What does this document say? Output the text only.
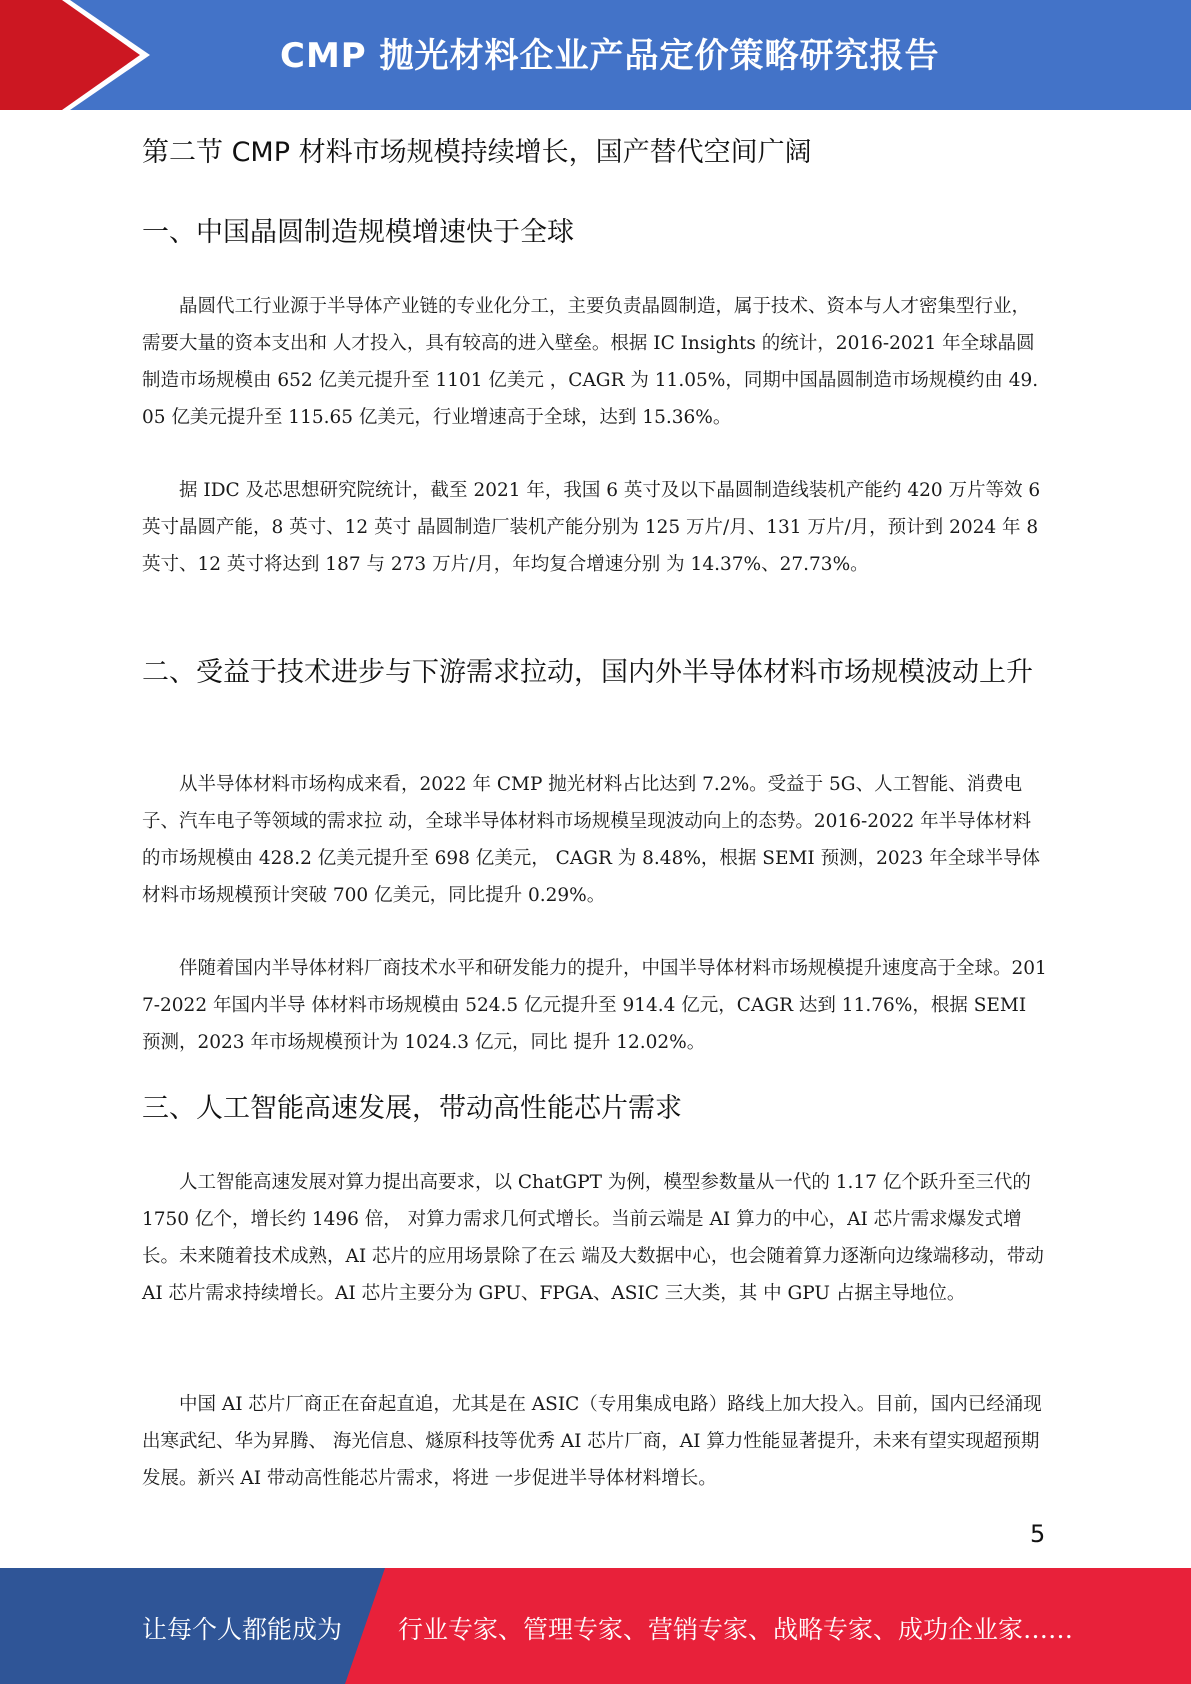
CMP 抛光材料企业产品定价策略研究报告
第二节 CMP 材料市场规模持续增长，国产替代空间广阔
一、中国晶圆制造规模增速快于全球

晶圆代工行业源于半导体产业链的专业化分工，主要负责晶圆制造，属于技术、资本与人才密集型行业，需要大量的资本支出和 人才投入，具有较高的进入壁垒。根据 IC Insights 的统计，2016-2021 年全球晶圆制造市场规模由 652 亿美元提升至 1101 亿美元 ，CAGR 为 11.05%，同期中国晶圆制造市场规模约由 49.05 亿美元提升至 115.65 亿美元，行业增速高于全球，达到 15.36%。

据 IDC 及芯思想研究院统计，截至 2021 年，我国 6 英寸及以下晶圆制造线装机产能约 420 万片等效 6 英寸晶圆产能，8 英寸、12 英寸 晶圆制造厂装机产能分别为 125 万片/月、131 万片/月，预计到 2024 年 8 英寸、12 英寸将达到 187 与 273 万片/月，年均复合增速分别 为 14.37%、27.73%。

二、受益于技术进步与下游需求拉动，国内外半导体材料市场规模波动上升

从半导体材料市场构成来看，2022 年 CMP 抛光材料占比达到 7.2%。受益于 5G、人工智能、消费电子、汽车电子等领域的需求拉 动，全球半导体材料市场规模呈现波动向上的态势。2016-2022 年半导体材料的市场规模由 428.2 亿美元提升至 698 亿美元， CAGR 为 8.48%，根据 SEMI 预测，2023 年全球半导体材料市场规模预计突破 700 亿美元，同比提升 0.29%。

伴随着国内半导体材料厂商技术水平和研发能力的提升，中国半导体材料市场规模提升速度高于全球。2017-2022 年国内半导 体材料市场规模由 524.5 亿元提升至 914.4 亿元，CAGR 达到 11.76%，根据 SEMI 预测，2023 年市场规模预计为 1024.3 亿元，同比 提升 12.02%。

三、人工智能高速发展，带动高性能芯片需求

人工智能高速发展对算力提出高要求，以 ChatGPT 为例，模型参数量从一代的 1.17 亿个跃升至三代的 1750 亿个，增长约 1496 倍， 对算力需求几何式增长。当前云端是 AI 算力的中心，AI 芯片需求爆发式增长。未来随着技术成熟，AI 芯片的应用场景除了在云 端及大数据中心，也会随着算力逐渐向边缘端移动，带动 AI 芯片需求持续增长。AI 芯片主要分为 GPU、FPGA、ASIC 三大类，其 中 GPU 占据主导地位。

中国 AI 芯片厂商正在奋起直追，尤其是在 ASIC（专用集成电路）路线上加大投入。目前，国内已经涌现出寒武纪、华为昇腾、 海光信息、燧原科技等优秀 AI 芯片厂商，AI 算力性能显著提升，未来有望实现超预期发展。新兴 AI 带动高性能芯片需求，将进 一步促进半导体材料增长。

5
让每个人都能成为 行业专家、管理专家、营销专家、战略专家、成功企业家……
